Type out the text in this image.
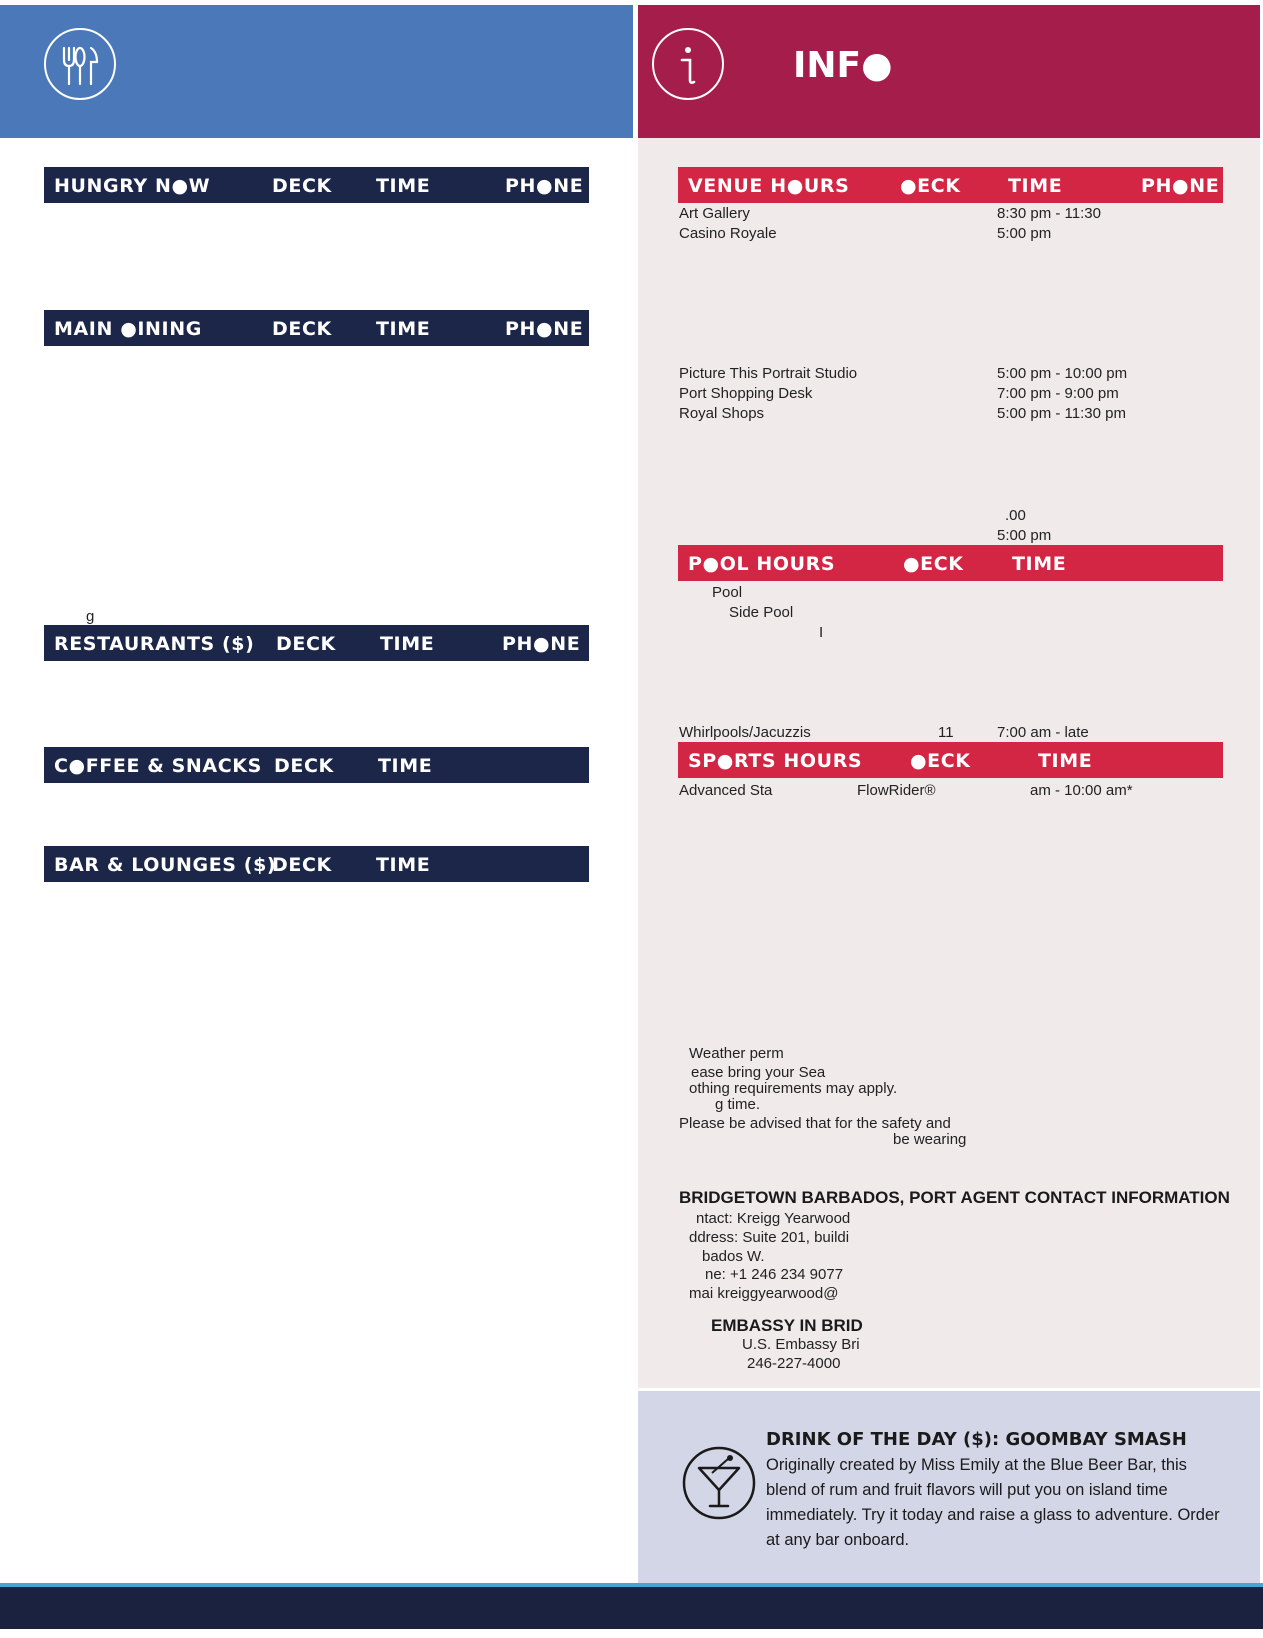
INF●
HUNGRY N●W	DECK TIME	PH●NE
MAIN ●INING	DECK TIME	PH●NE
g
RESTAURANTS ($) DECK TIME	PH●NE
C●FFEE & SNACKS DECK TIME
BAR & LOUNGES ($)
DECK TIME
VENUE H●URS	●ECK TIME	PH●NE
Art Gallery	8:30 pm - 11:30
Casino Royale	5:00 pm
Picture This Portrait Studio	5:00 pm - 10:00 pm
Port Shopping Desk	7:00 pm - 9:00 pm
Royal Shops	5:00 pm - 11:30 pm
.00
5:00 pm
P●OL HOURS	●ECK	TIME
Pool
Side Pool
I
Whirlpools/Jacuzzis	11	7:00 am - late
SP●RTS HOURS	●ECK	TIME
Advanced Sta	FlowRider®	am - 10:00 am*
Weather perm
ease bring your Sea
othing requirements may apply.
g time.
Please be advised that for the safety and
be wearing
BRIDGETOWN BARBADOS, PORT AGENT CONTACT INFORMATION
ntact: Kreigg Yearwood
ddress: Suite 201, buildi
bados W.
ne: +1 246 234 9077
mai kreiggyearwood@
EMBASSY IN BRID
U.S. Embassy Bri
246-227-4000
DRINK OF THE DAY ($): GOOMBAY SMASH
Originally created by Miss Emily at the Blue Beer Bar, this blend of rum and fruit flavors will put you on island time immediately. Try it today and raise a glass to adventure. Order at any bar onboard.
